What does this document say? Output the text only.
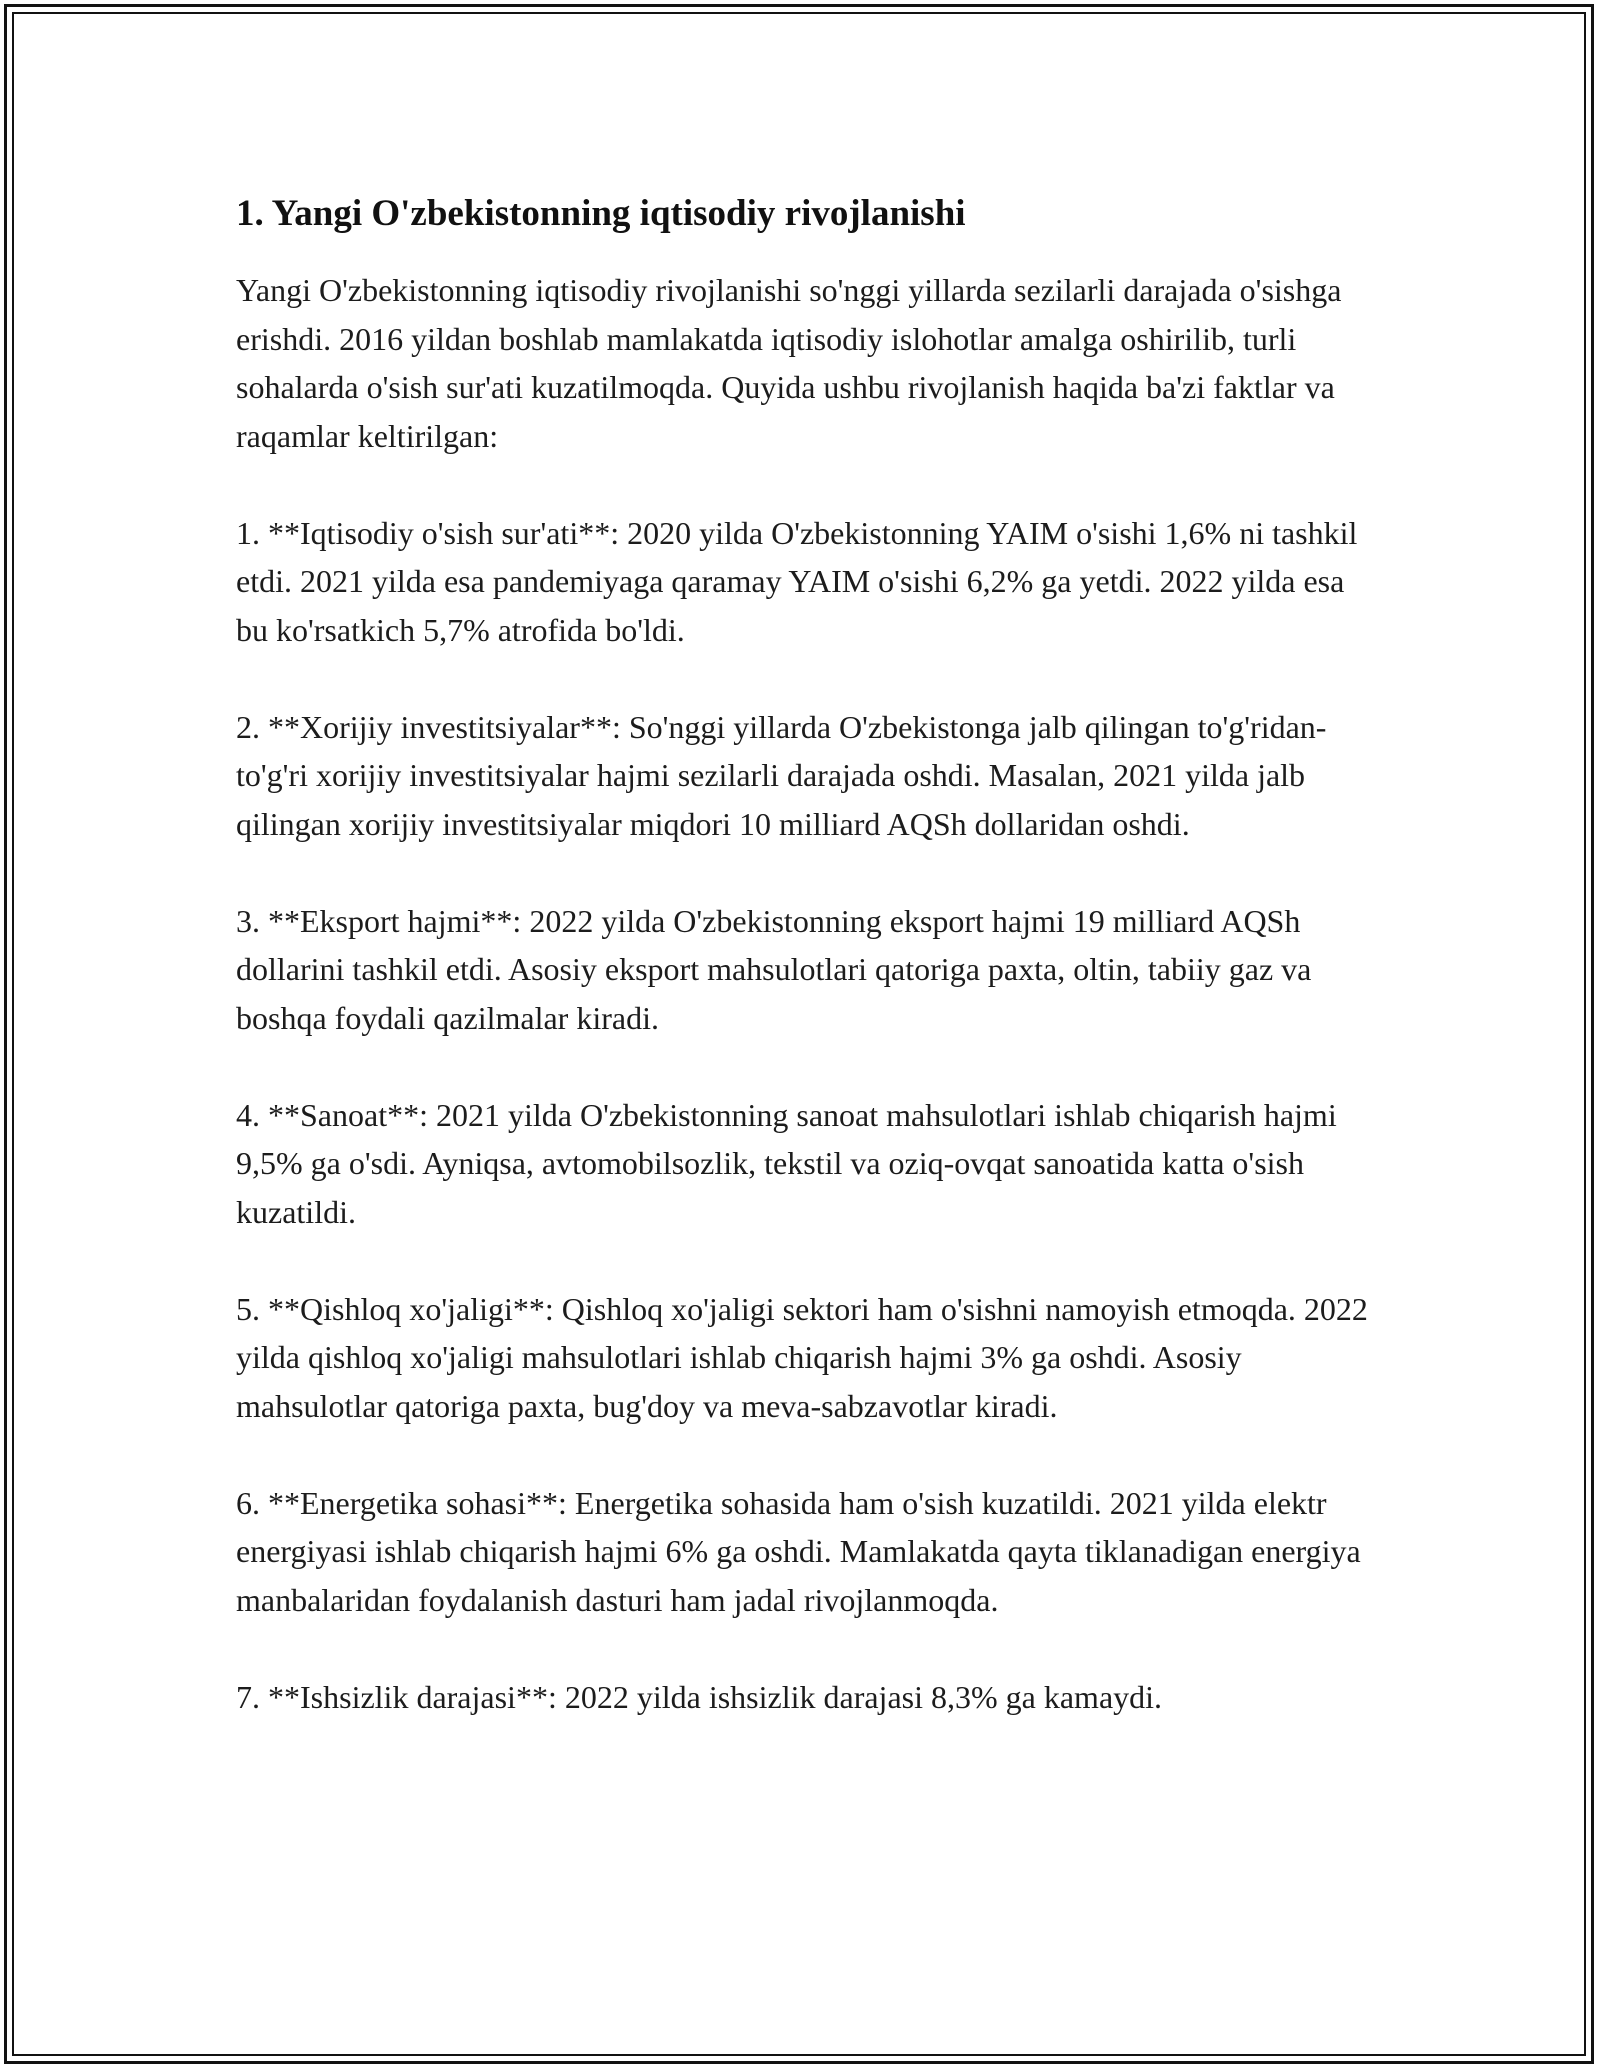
1. Yangi O'zbekistonning iqtisodiy rivojlanishi

Yangi O'zbekistonning iqtisodiy rivojlanishi so'nggi yillarda sezilarli darajada o'sishga erishdi. 2016 yildan boshlab mamlakatda iqtisodiy islohotlar amalga oshirilib, turli sohalarda o'sish sur'ati kuzatilmoqda. Quyida ushbu rivojlanish haqida ba'zi faktlar va raqamlar keltirilgan:

1. **Iqtisodiy o'sish sur'ati**: 2020 yilda O'zbekistonning YAIM o'sishi 1,6% ni tashkil etdi. 2021 yilda esa pandemiyaga qaramay YAIM o'sishi 6,2% ga yetdi. 2022 yilda esa bu ko'rsatkich 5,7% atrofida bo'ldi.

2. **Xorijiy investitsiyalar**: So'nggi yillarda O'zbekistonga jalb qilingan to'g'ridan-to'g'ri xorijiy investitsiyalar hajmi sezilarli darajada oshdi. Masalan, 2021 yilda jalb qilingan xorijiy investitsiyalar miqdori 10 milliard AQSh dollaridan oshdi.

3. **Eksport hajmi**: 2022 yilda O'zbekistonning eksport hajmi 19 milliard AQSh dollarini tashkil etdi. Asosiy eksport mahsulotlari qatoriga paxta, oltin, tabiiy gaz va boshqa foydali qazilmalar kiradi.

4. **Sanoat**: 2021 yilda O'zbekistonning sanoat mahsulotlari ishlab chiqarish hajmi 9,5% ga o'sdi. Ayniqsa, avtomobilsozlik, tekstil va oziq-ovqat sanoatida katta o'sish kuzatildi.

5. **Qishloq xo'jaligi**: Qishloq xo'jaligi sektori ham o'sishni namoyish etmoqda. 2022 yilda qishloq xo'jaligi mahsulotlari ishlab chiqarish hajmi 3% ga oshdi. Asosiy mahsulotlar qatoriga paxta, bug'doy va meva-sabzavotlar kiradi.

6. **Energetika sohasi**: Energetika sohasida ham o'sish kuzatildi. 2021 yilda elektr energiyasi ishlab chiqarish hajmi 6% ga oshdi. Mamlakatda qayta tiklanadigan energiya manbalaridan foydalanish dasturi ham jadal rivojlanmoqda.

7. **Ishsizlik darajasi**: 2022 yilda ishsizlik darajasi 8,3% ga kamaydi.
